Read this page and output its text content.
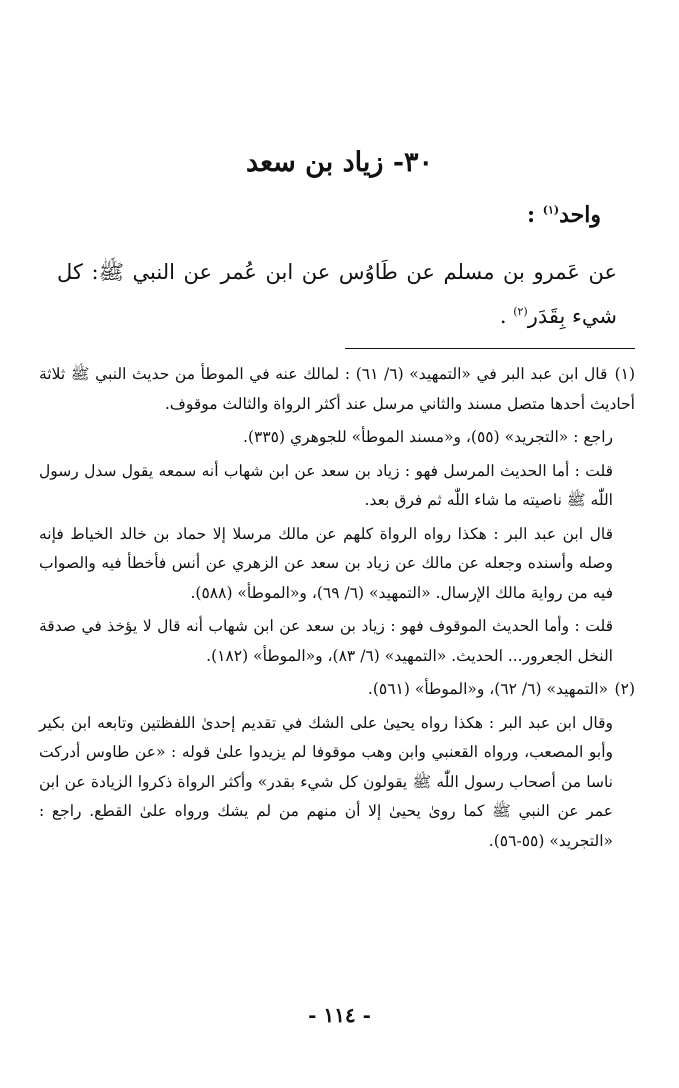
٣٠- زياد بن سعد
واحد$^{(١)}$ :
عن عَمرو بن مسلم عن طَاوُس عن ابن عُمر عن النبي ﷺ: كل شيء بِقَدَر$^{(٢)}$ .

(١) قال ابن عبد البر في «التمهيد» (٦/ ٦١) : لمالك عنه في الموطأ من حديث النبي ﷺ ثلاثة أحاديث أحدها متصل مسند والثاني مرسل عند أكثر الرواة والثالث موقوف.

راجع : «التجريد» (٥٥)، و«مسند الموطأ» للجوهري (٣٣٥).

قلت : أما الحديث المرسل فهو : زياد بن سعد عن ابن شهاب أنه سمعه يقول سدل رسول اللّٰه ﷺ ناصيته ما شاء اللّٰه ثم فرق بعد.

قال ابن عبد البر : هكذا رواه الرواة كلهم عن مالك مرسلا إلا حماد بن خالد الخياط فإنه وصله وأسنده وجعله عن مالك عن زياد بن سعد عن الزهري عن أنس فأخطأ فيه والصواب فيه من رواية مالك الإرسال. «التمهيد» (٦/ ٦٩)، و«الموطأ» (٥٨٨).

قلت : وأما الحديث الموقوف فهو : زياد بن سعد عن ابن شهاب أنه قال لا يؤخذ في صدقة النخل الجعرور... الحديث. «التمهيد» (٦/ ٨٣)، و«الموطأ» (١٨٢).

(٢) «التمهيد» (٦/ ٦٢)، و«الموطأ» (٥٦١).

وقال ابن عبد البر : هكذا رواه يحيىٰ على الشك في تقديم إحدىٰ اللفظتين وتابعه ابن بكير وأبو المصعب، ورواه القعنبي وابن وهب موقوفا لم يزيدوا علىٰ قوله : «عن طاوس أدركت ناسا من أصحاب رسول اللّٰه ﷺ يقولون كل شيء بقدر» وأكثر الرواة ذكروا الزيادة عن ابن عمر عن النبي ﷺ كما روىٰ يحيىٰ إلا أن منهم من لم يشك ورواه علىٰ القطع. راجع : «التجريد» (٥٥-٥٦).

- ١١٤ -
